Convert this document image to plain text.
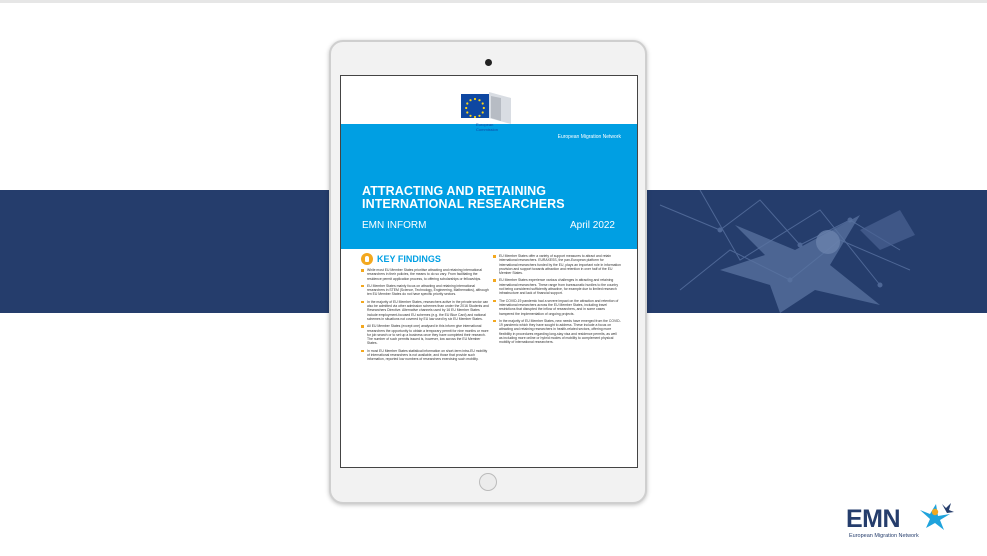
European Migration Network
ATTRACTING AND RETAINING INTERNATIONAL RESEARCHERS
EMN INFORM	April 2022
European Commission
KEY FINDINGS
While most EU Member States prioritise attracting and retaining international researchers in their policies, the means to do so vary. From facilitating the residence permit application process, to offering scholarships or fellowships.
EU Member States mainly focus on attracting and retaining international researchers in STEM (Science, Technology, Engineering, Mathematics), although ten EU Member States do not have specific priority sectors.
In the majority of EU Member States, researchers active in the private sector can also be admitted via other admission schemes than under the 2016 Students and Researchers Directive. Alternative channels used by 16 EU Member States include employment-focused EU schemes (e.g. the EU Blue Card) and national schemes in situations not covered by EU law used by six EU Member States.
All EU Member States (except one) analysed in this inform give international researchers the opportunity to obtain a temporary permit for nine months or more for job search or to set up a business once they have completed their research. The number of such permits issued is, however, low across the EU Member States.
In most EU Member States statistical information on short-term intra-EU mobility of international researchers is not available, and those that provide such information, reported low numbers of researchers exercising such mobility.
EU Member States offer a variety of support measures to attract and retain international researchers. EURAXESS, the pan-European platform for international researchers funded by the EU, plays an important role in information provision and support towards attraction and retention in over half of the EU Member States.
EU Member States experience various challenges in attracting and retaining international researchers. These range from bureaucratic hurdles to the country not being considered sufficiently attractive, for example due to limited research infrastructure and lack of financial support.
The COVID-19 pandemic had a severe impact on the attraction and retention of international researchers across the EU Member States, including travel restrictions that disrupted the inflow of researchers, and in some cases hampered the implementation of ongoing projects.
In the majority of EU Member States, new needs have emerged from the COVID-19 pandemic which they have sought to address. These include a focus on attracting and retaining researchers in health-related sectors, offering more flexibility in procedures regarding long-stay visa and residence permits, as well as including more online or hybrid modes of mobility to complement physical mobility of international researchers.
EMN
European Migration Network
